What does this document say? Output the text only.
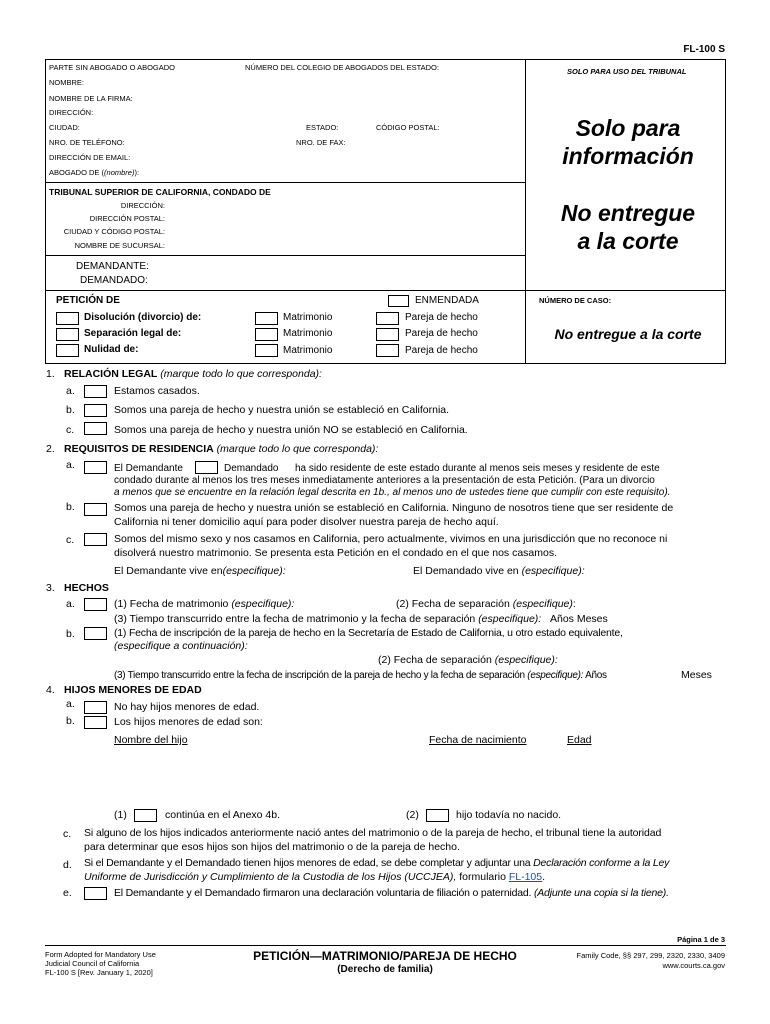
FL-100 S
PARTE SIN ABOGADO O ABOGADO	NÚMERO DEL COLEGIO DE ABOGADOS DEL ESTADO:	SOLO PARA USO DEL TRIBUNAL
NOMBRE:
NOMBRE DE LA FIRMA:
DIRECCIÓN:
CIUDAD:	ESTADO:	CÓDIGO POSTAL:
NRO. DE TELÉFONO:	NRO. DE FAX:
DIRECCIÓN DE EMAIL:
ABOGADO DE ((nombre)):
Solo para
información
No entregue
a la corte
TRIBUNAL SUPERIOR DE CALIFORNIA, CONDADO DE
DIRECCIÓN:
DIRECCIÓN POSTAL:
CIUDAD Y CÓDIGO POSTAL:
NOMBRE DE SUCURSAL:
DEMANDANTE:
DEMANDADO:
PETICIÓN DE	ENMENDADA	NÚMERO DE CASO:
No entregue a la corte
Disolución (divorcio) de:	Matrimonio	Pareja de hecho
Separación legal de:	Matrimonio	Pareja de hecho
Nulidad de:	Matrimonio	Pareja de hecho
1. RELACIÓN LEGAL (marque todo lo que corresponda):
a.	Estamos casados.
b.	Somos una pareja de hecho y nuestra unión se estableció en California.
c.	Somos una pareja de hecho y nuestra unión NO se estableció en California.
2. REQUISITOS DE RESIDENCIA (marque todo lo que corresponda):
a.	El Demandante	Demandado ha sido residente de este estado durante al menos seis meses y residente de este
condado durante al menos los tres meses inmediatamente anteriores a la presentación de esta Petición. (Para un divorcio
a menos que se encuentre en la relación legal descrita en 1b., al menos uno de ustedes tiene que cumplir con este requisito).
b.	Somos una pareja de hecho y nuestra unión se estableció en California. Ninguno de nosotros tiene que ser residente de
California ni tener domicilio aquí para poder disolver nuestra pareja de hecho aquí.
c.	Somos del mismo sexo y nos casamos en California, pero actualmente, vivimos en una jurisdicción que no reconoce ni
disolverá nuestro matrimonio. Se presenta esta Petición en el condado en el que nos casamos.
El Demandante vive en(especifique):	El Demandado vive en (especifique):
3. HECHOS
a.	(1) Fecha de matrimonio (especifique):	(2) Fecha de separación (especifique):
(3) Tiempo transcurrido entre la fecha de matrimonio y la fecha de separación (especifique): Años Meses
b.	(1) Fecha de inscripción de la pareja de hecho en la Secretaría de Estado de California, u otro estado equivalente,
(especifique a continuación):
(2) Fecha de separación (especifique):
(3) Tiempo transcurrido entre la fecha de inscripción de la pareja de hecho y la fecha de separación (especifique): Años	Meses
4. HIJOS MENORES DE EDAD
a.	No hay hijos menores de edad.
b.	Los hijos menores de edad son:
Nombre del hijo	Fecha de nacimiento	Edad
(1)	continúa en el Anexo 4b.	(2)	hijo todavía no nacido.
c. Si alguno de los hijos indicados anteriormente nació antes del matrimonio o de la pareja de hecho, el tribunal tiene la autoridad
para determinar que esos hijos son hijos del matrimonio o de la pareja de hecho.
d. Si el Demandante y el Demandado tienen hijos menores de edad, se debe completar y adjuntar una Declaración conforme a la Ley
Uniforme de Jurisdicción y Cumplimiento de la Custodia de los Hijos (UCCJEA), formulario FL-105.
e.	El Demandante y el Demandado firmaron una declaración voluntaria de filiación o paternidad. (Adjunte una copia si la tiene).
Página 1 de 3
Form Adopted for Mandatory Use
Judicial Council of California
FL-100 S [Rev. January 1, 2020]
PETICIÓN—MATRIMONIO/PAREJA DE HECHO
(Derecho de familia)
Family Code, §§ 297, 299, 2320, 2330, 3409
www.courts.ca.gov
